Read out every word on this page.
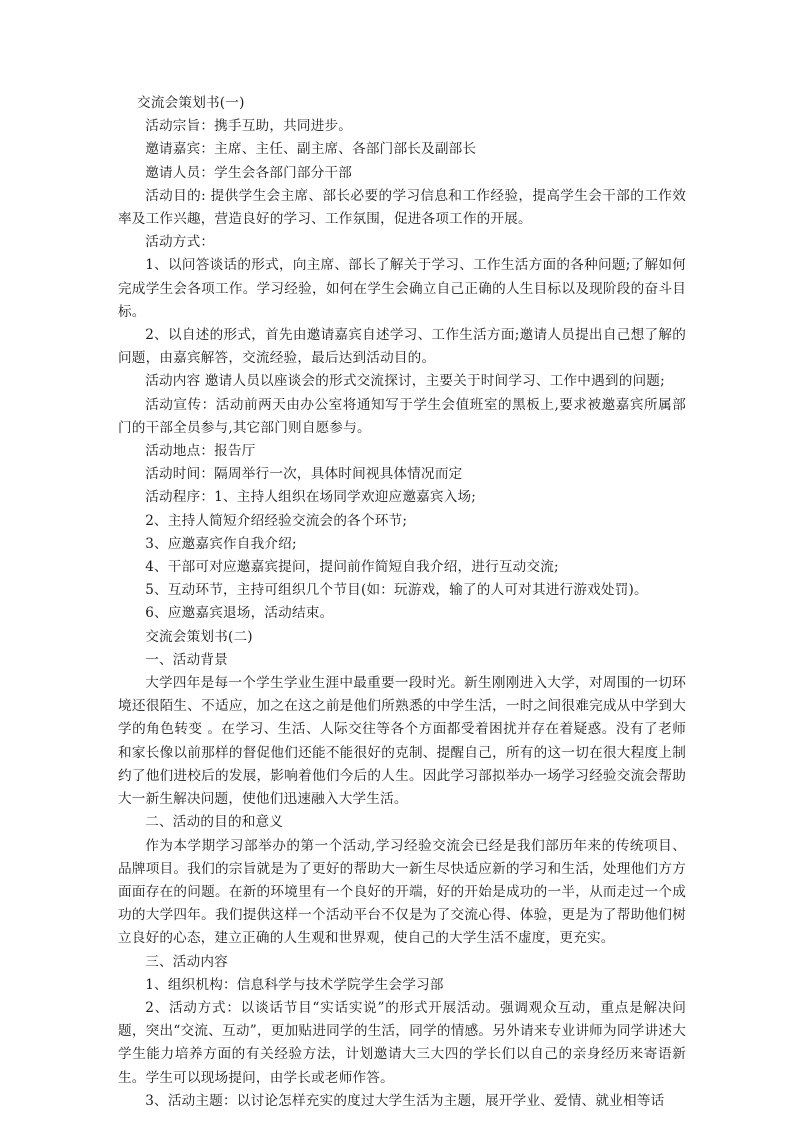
交流会策划书(一)

活动宗旨：携手互助，共同进步。

邀请嘉宾：主席、主任、副主席、各部门部长及副部长

邀请人员：学生会各部门部分干部

活动目的: 提供学生会主席、部长必要的学习信息和工作经验，提高学生会干部的工作效率及工作兴趣，营造良好的学习、工作氛围，促进各项工作的开展。

活动方式：

1、以问答谈话的形式，向主席、部长了解关于学习、工作生活方面的各种问题;了解如何完成学生会各项工作。学习经验，如何在学生会确立自己正确的人生目标以及现阶段的奋斗目标。

2、以自述的形式，首先由邀请嘉宾自述学习、工作生活方面;邀请人员提出自己想了解的问题，由嘉宾解答，交流经验，最后达到活动目的。

活动内容 邀请人员以座谈会的形式交流探讨，主要关于时间学习、工作中遇到的问题;

活动宣传：活动前两天由办公室将通知写于学生会值班室的黑板上,要求被邀嘉宾所属部门的干部全员参与,其它部门则自愿参与。

活动地点：报告厅

活动时间：隔周举行一次，具体时间视具体情况而定

活动程序：1、主持人组织在场同学欢迎应邀嘉宾入场;

2、主持人简短介绍经验交流会的各个环节;

3、应邀嘉宾作自我介绍;

4、干部可对应邀嘉宾提问，提问前作简短自我介绍，进行互动交流;

5、互动环节，主持可组织几个节目(如：玩游戏，输了的人可对其进行游戏处罚)。

6、应邀嘉宾退场，活动结束。

交流会策划书(二)

一、活动背景

大学四年是每一个学生学业生涯中最重要一段时光。新生刚刚进入大学，对周围的一切环境还很陌生、不适应，加之在这之前是他们所熟悉的中学生活，一时之间很难完成从中学到大学的角色转变 。在学习、生活、人际交往等各个方面都受着困扰并存在着疑惑。没有了老师和家长像以前那样的督促他们还能不能很好的克制、提醒自己，所有的这一切在很大程度上制约了他们进校后的发展，影响着他们今后的人生。因此学习部拟举办一场学习经验交流会帮助大一新生解决问题，使他们迅速融入大学生活。

二、活动的目的和意义

作为本学期学习部举办的第一个活动,学习经验交流会已经是我们部历年来的传统项目、品牌项目。我们的宗旨就是为了更好的帮助大一新生尽快适应新的学习和生活，处理他们方方面面存在的问题。在新的环境里有一个良好的开端，好的开始是成功的一半，从而走过一个成功的大学四年。我们提供这样一个活动平台不仅是为了交流心得、体验，更是为了帮助他们树立良好的心态，建立正确的人生观和世界观，使自己的大学生活不虚度，更充实。

三、活动内容

1、组织机构：信息科学与技术学院学生会学习部

2、活动方式：以谈话节目“实话实说”的形式开展活动。强调观众互动，重点是解决问题，突出“交流、互动”，更加贴进同学的生活，同学的情感。另外请来专业讲师为同学讲述大学生能力培养方面的有关经验方法，计划邀请大三大四的学长们以自己的亲身经历来寄语新生。学生可以现场提问，由学长或老师作答。

3、活动主题：以讨论怎样充实的度过大学生活为主题，展开学业、爱情、就业相等话
